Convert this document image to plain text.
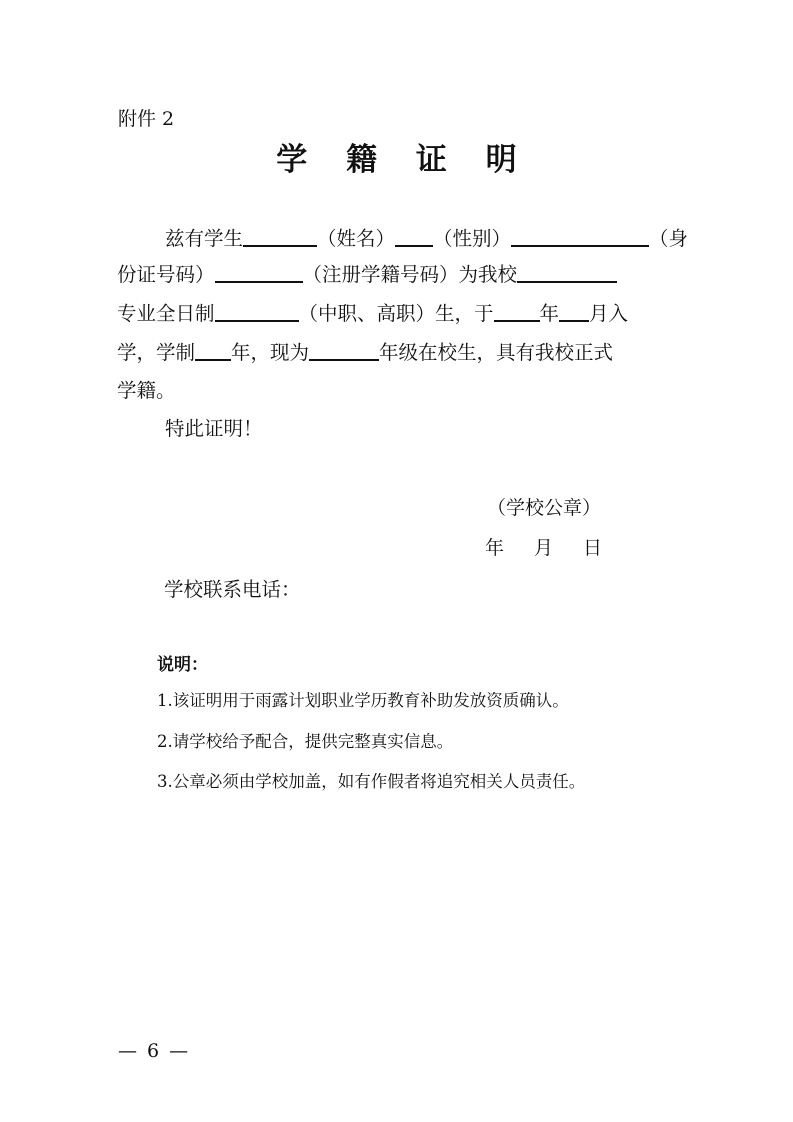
附件 2
学 籍 证 明
兹有学生	（姓名） （性别）	（身
份证号码）	（注册学籍号码）为我校
专业全日制	（中职、高职）生，于 年 月入
学，学制 年，现为	年级在校生，具有我校正式
学籍。
特此证明！
（学校公章）
年 月 日
学校联系电话：
说明：
1.该证明用于雨露计划职业学历教育补助发放资质确认。
2.请学校给予配合，提供完整真实信息。
3.公章必须由学校加盖，如有作假者将追究相关人员责任。
— 6 —
